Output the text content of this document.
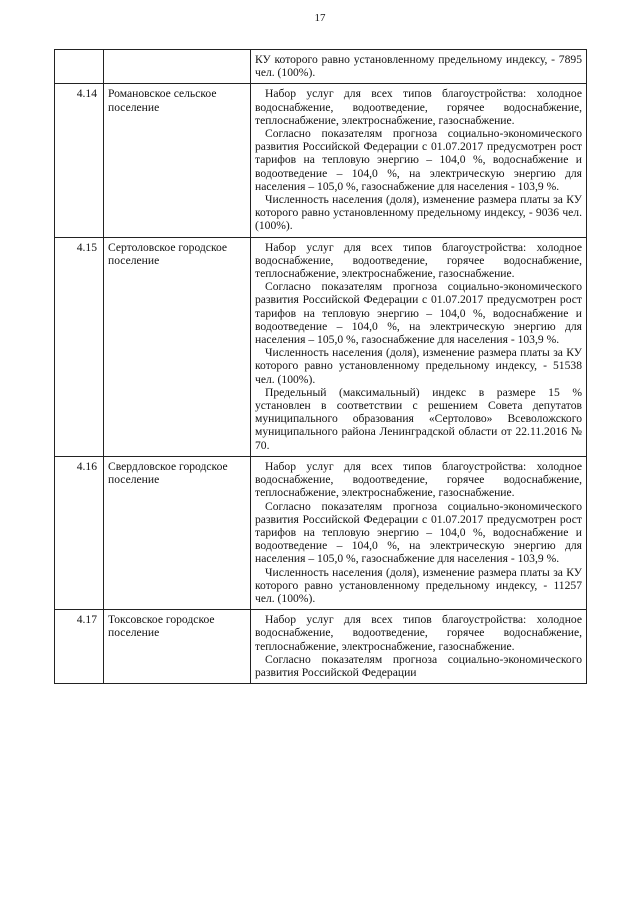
17

		КУ которого равно установленному предельному индексу, - 7895 чел. (100%).

4.14	Романовское сельское поселение	Набор услуг для всех типов благоустройства: холодное водоснабжение, водоотведение, горячее водоснабжение, теплоснабжение, электроснабжение, газоснабжение.

Согласно показателям прогноза социально-экономического развития Российской Федерации с 01.07.2017 предусмотрен рост тарифов на тепловую энергию – 104,0 %, водоснабжение и водоотведение – 104,0 %, на электрическую энергию для населения – 105,0 %, газоснабжение для населения - 103,9 %.

Численность населения (доля), изменение размера платы за КУ которого равно установленному предельному индексу, - 9036 чел. (100%).

4.15	Сертоловское городское поселение	Набор услуг для всех типов благоустройства: холодное водоснабжение, водоотведение, горячее водоснабжение, теплоснабжение, электроснабжение, газоснабжение.

Согласно показателям прогноза социально-экономического развития Российской Федерации с 01.07.2017 предусмотрен рост тарифов на тепловую энергию – 104,0 %, водоснабжение и водоотведение – 104,0 %, на электрическую энергию для населения – 105,0 %, газоснабжение для населения - 103,9 %.

Численность населения (доля), изменение размера платы за КУ которого равно установленному предельному индексу, - 51538 чел. (100%).

Предельный (максимальный) индекс в размере 15 % установлен в соответствии с решением Совета депутатов муниципального образования «Сертолово» Всеволожского муниципального района Ленинградской области от 22.11.2016 № 70.

4.16	Свердловское городское поселение	Набор услуг для всех типов благоустройства: холодное водоснабжение, водоотведение, горячее водоснабжение, теплоснабжение, электроснабжение, газоснабжение.

Согласно показателям прогноза социально-экономического развития Российской Федерации с 01.07.2017 предусмотрен рост тарифов на тепловую энергию – 104,0 %, водоснабжение и водоотведение – 104,0 %, на электрическую энергию для населения – 105,0 %, газоснабжение для населения - 103,9 %.

Численность населения (доля), изменение размера платы за КУ которого равно установленному предельному индексу, - 11257 чел. (100%).

4.17	Токсовское городское поселение	Набор услуг для всех типов благоустройства: холодное водоснабжение, водоотведение, горячее водоснабжение, теплоснабжение, электроснабжение, газоснабжение.

Согласно показателям прогноза социально-экономического развития Российской Федерации
